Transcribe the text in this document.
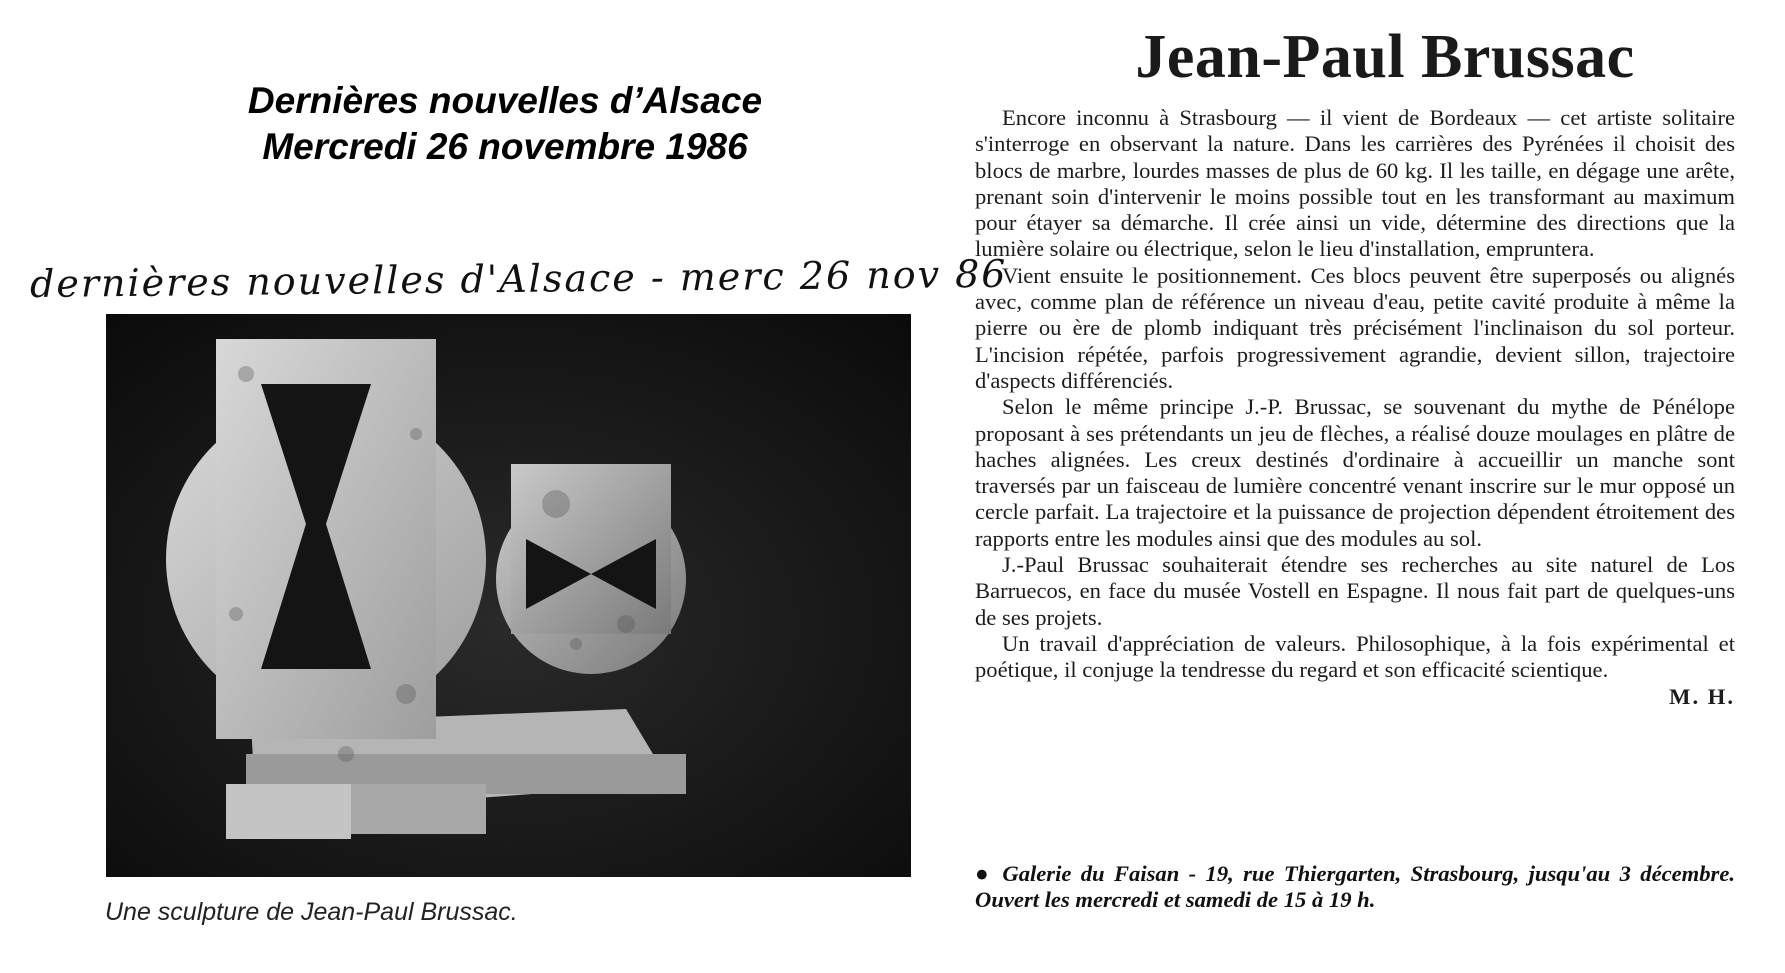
Dernières nouvelles d’Alsace
Mercredi 26 novembre 1986
dernières nouvelles d'Alsace - merc 26 nov 86
Une sculpture de Jean-Paul Brussac.
Jean-Paul Brussac

Encore inconnu à Strasbourg — il vient de Bordeaux — cet artiste solitaire s'interroge en observant la nature. Dans les carrières des Pyrénées il choisit des blocs de marbre, lourdes masses de plus de 60 kg. Il les taille, en dégage une arête, prenant soin d'intervenir le moins possible tout en les transformant au maximum pour étayer sa démarche. Il crée ainsi un vide, détermine des directions que la lumière solaire ou électrique, selon le lieu d'installation, empruntera.

Vient ensuite le positionnement. Ces blocs peuvent être superposés ou alignés avec, comme plan de référence un niveau d'eau, petite cavité produite à même la pierre ou ère de plomb indiquant très précisément l'inclinaison du sol porteur. L'incision répétée, parfois progressivement agrandie, devient sillon, trajectoire d'aspects différenciés.

Selon le même principe J.-P. Brussac, se souvenant du mythe de Pénélope proposant à ses prétendants un jeu de flèches, a réalisé douze moulages en plâtre de haches alignées. Les creux destinés d'ordinaire à accueillir un manche sont traversés par un faisceau de lumière concentré venant inscrire sur le mur opposé un cercle parfait. La trajectoire et la puissance de projection dépendent étroitement des rapports entre les modules ainsi que des modules au sol.

J.-Paul Brussac souhaiterait étendre ses recherches au site naturel de Los Barruecos, en face du musée Vostell en Espagne. Il nous fait part de quelques-uns de ses projets.

Un travail d'appréciation de valeurs. Philosophique, à la fois expérimental et poétique, il conjuge la tendresse du regard et son efficacité scientique.

M. H.
● Galerie du Faisan - 19, rue Thiergarten, Strasbourg, jusqu'au 3 décembre. Ouvert les mercredi et samedi de 15 à 19 h.
